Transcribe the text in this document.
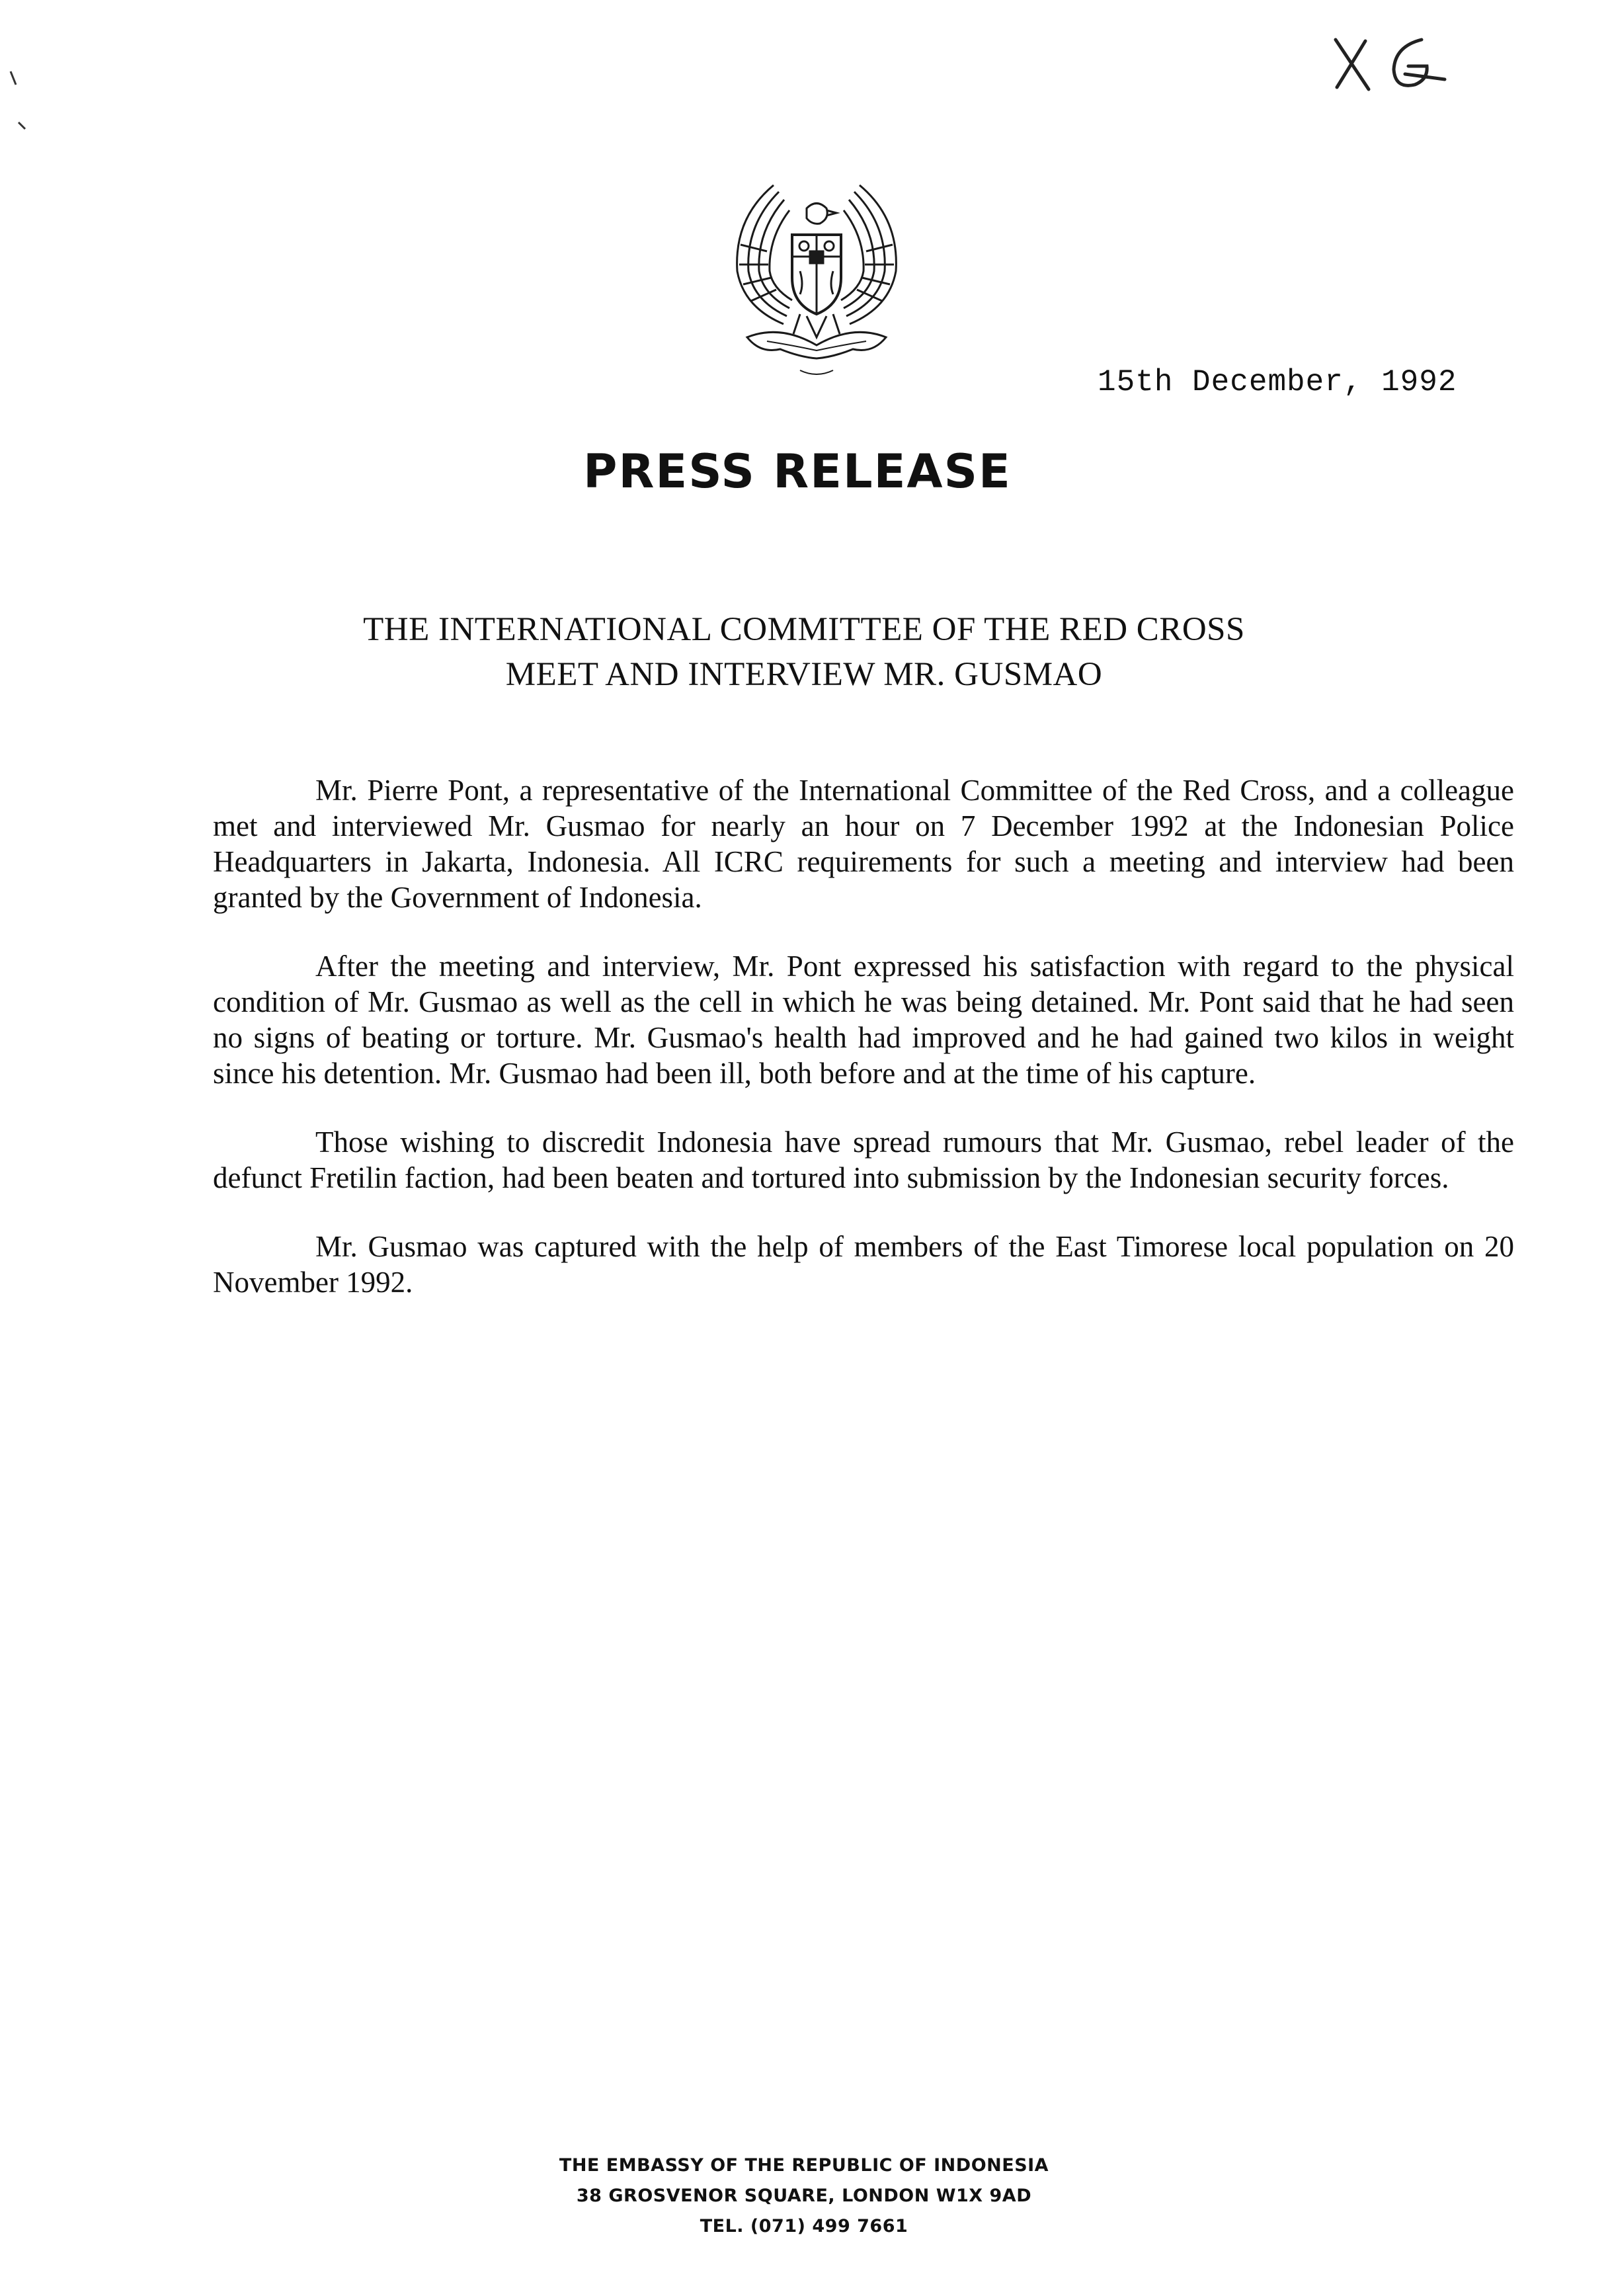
15th December, 1992
PRESS RELEASE
THE INTERNATIONAL COMMITTEE OF THE RED CROSS
MEET AND INTERVIEW MR. GUSMAO

Mr. Pierre Pont, a representative of the International Committee of the Red Cross, and a colleague met and interviewed Mr. Gusmao for nearly an hour on 7 December 1992 at the Indonesian Police Headquarters in Jakarta, Indonesia. All ICRC requirements for such a meeting and interview had been granted by the Government of Indonesia.

After the meeting and interview, Mr. Pont expressed his satisfaction with regard to the physical condition of Mr. Gusmao as well as the cell in which he was being detained. Mr. Pont said that he had seen no signs of beating or torture. Mr. Gusmao's health had improved and he had gained two kilos in weight since his detention. Mr. Gusmao had been ill, both before and at the time of his capture.

Those wishing to discredit Indonesia have spread rumours that Mr. Gusmao, rebel leader of the defunct Fretilin faction, had been beaten and tortured into submission by the Indonesian security forces.

Mr. Gusmao was captured with the help of members of the East Timorese local population on 20 November 1992.

THE EMBASSY OF THE REPUBLIC OF INDONESIA
38 GROSVENOR SQUARE, LONDON W1X 9AD
TEL. (071) 499 7661
